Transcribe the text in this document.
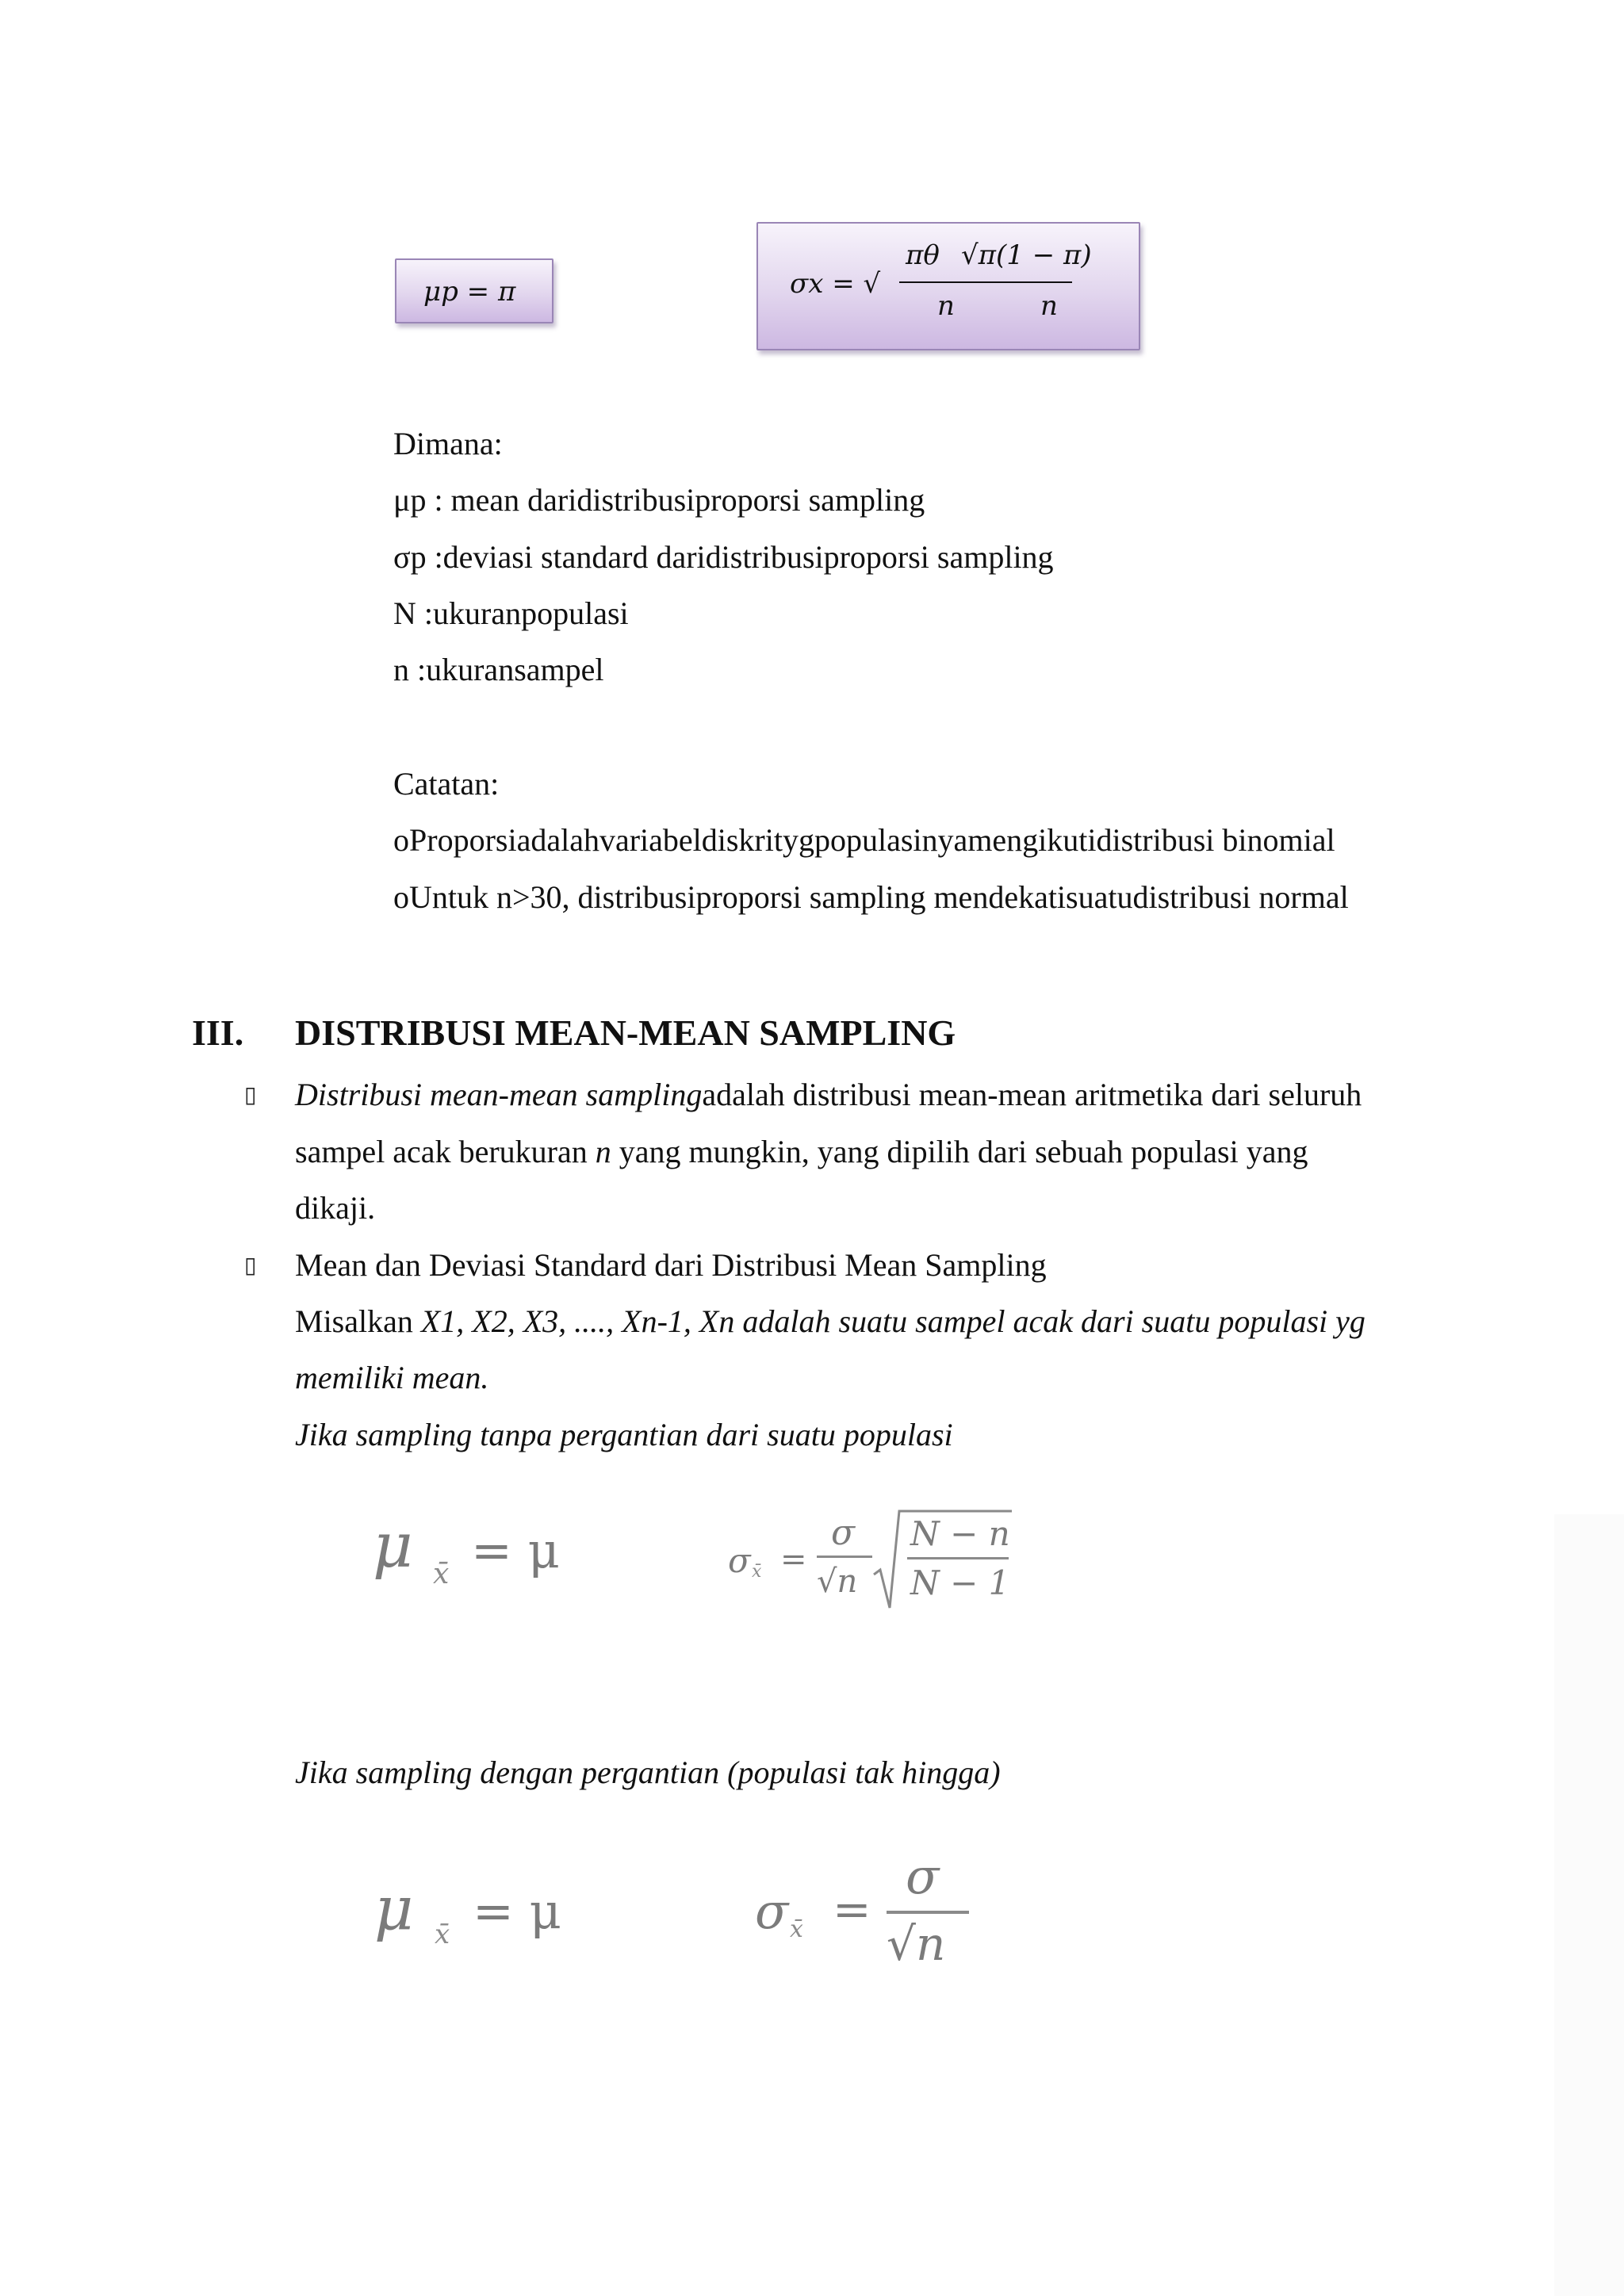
μp = π	σx = √
πθ √π(1 − π)
n	n
Dimana:
μp : mean daridistribusiproporsi sampling
σp :deviasi standard daridistribusiproporsi sampling
N :ukuranpopulasi
n :ukuransampel
Catatan:
oProporsiadalahvariabeldiskritygpopulasinyamengikutidistribusi binomial
oUntuk n>30, distribusiproporsi sampling mendekatisuatudistribusi normal
III. DISTRIBUSI MEAN-MEAN SAMPLING
▯ Distribusi mean-mean samplingadalah distribusi mean-mean aritmetika dari seluruh
sampel acak berukuran n yang mungkin, yang dipilih dari sebuah populasi yang
dikaji.
▯ Mean dan Deviasi Standard dari Distribusi Mean Sampling
Misalkan X1, X2, X3, ...., Xn-1, Xn adalah suatu sampel acak dari suatu populasi yg
memiliki mean.
Jika sampling tanpa pergantian dari suatu populasi
μ x̄ = μ	σ x̄ =
σ
√n
N − n
N − 1
Jika sampling dengan pergantian (populasi tak hingga)
μ x̄ = μ	σ x̄ =
σ
√n
